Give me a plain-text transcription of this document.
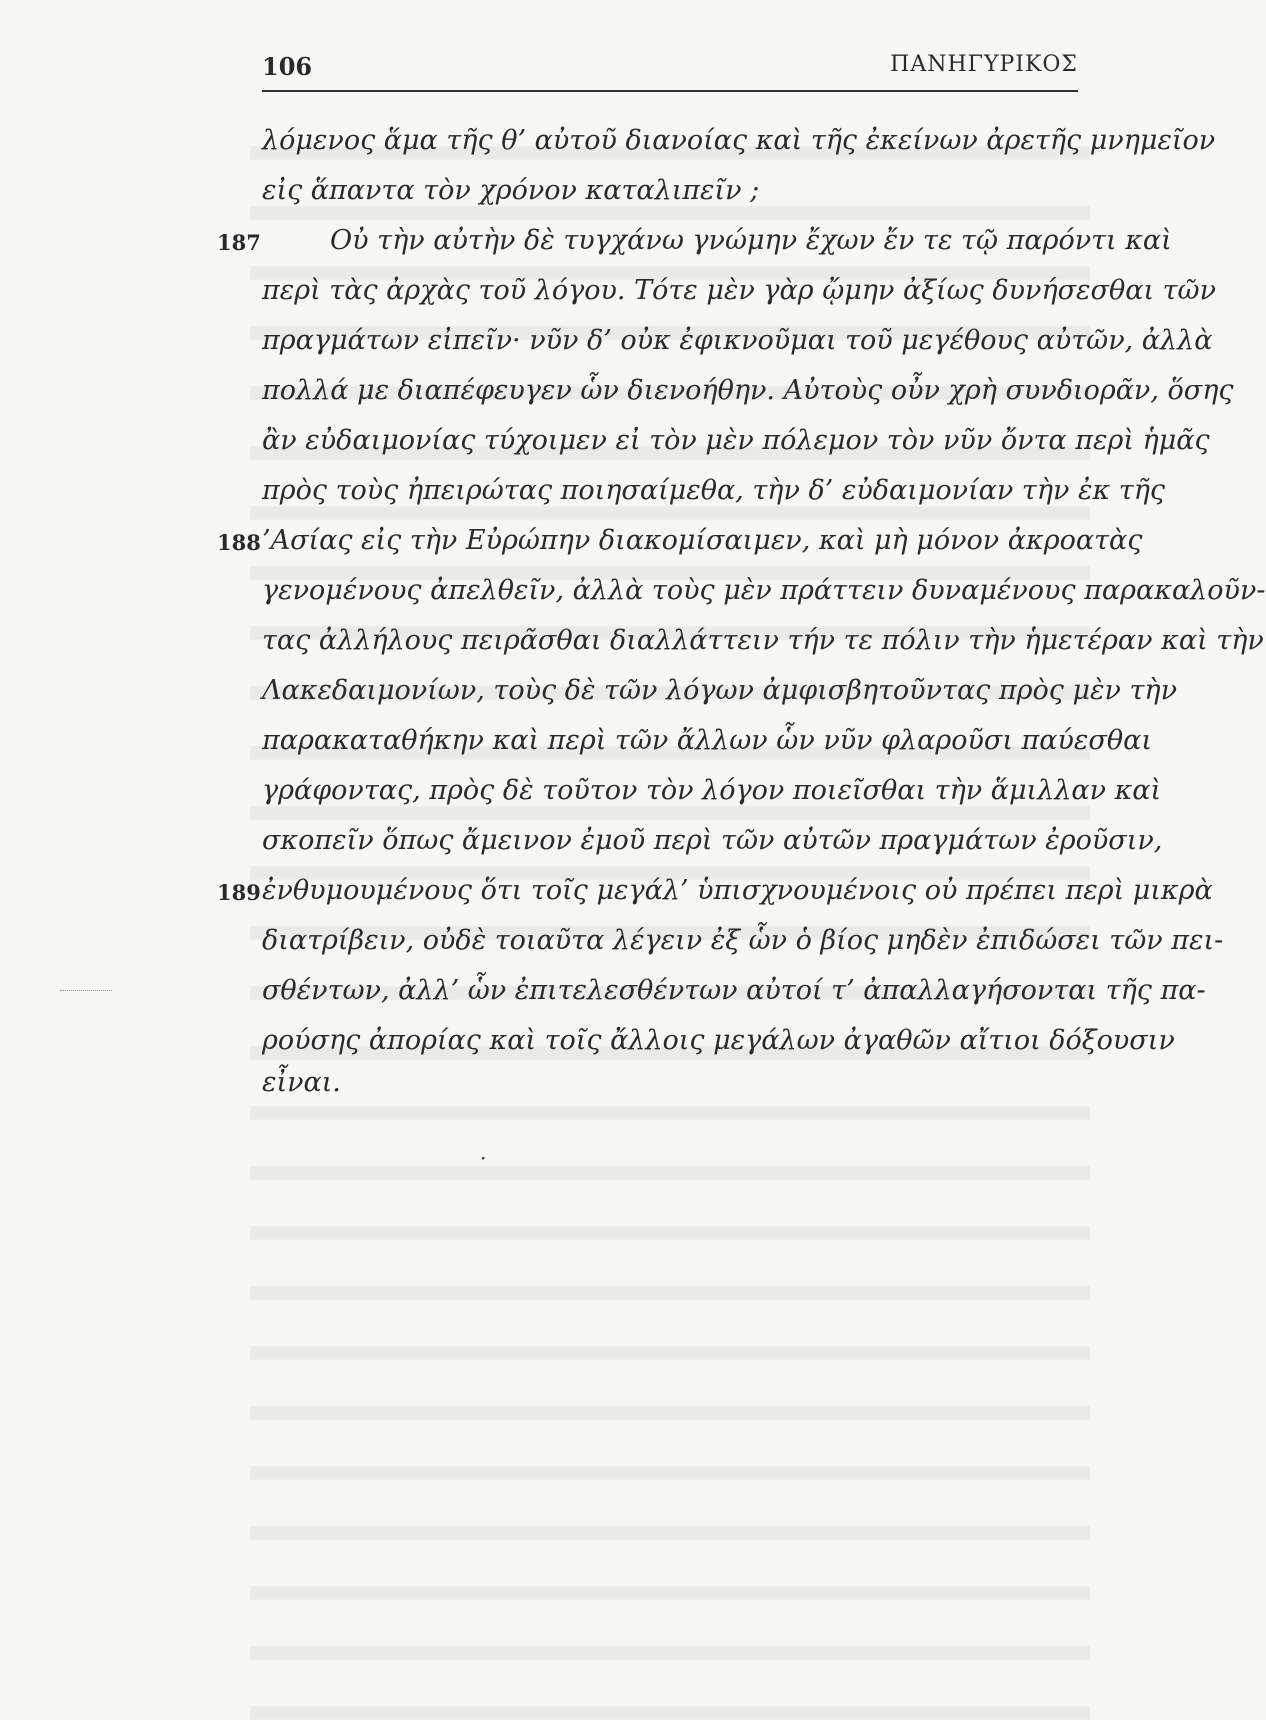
106	ΠΑΝΗΓΥΡΙΚΟΣ
λόμενος ἅμα τῆς θ’ αὐτοῦ διανοίας καὶ τῆς ἐκείνων ἀρετῆς μνημεῖον
εἰς ἅπαντα τὸν χρόνον καταλιπεῖν ;
187	Οὐ τὴν αὐτὴν δὲ τυγχάνω γνώμην ἔχων ἔν τε τῷ παρόντι καὶ
περὶ τὰς ἀρχὰς τοῦ λόγου. Τότε μὲν γὰρ ᾤμην ἀξίως δυνήσεσθαι τῶν
πραγμάτων εἰπεῖν· νῦν δ’ οὐκ ἐφικνοῦμαι τοῦ μεγέθους αὐτῶν, ἀλλὰ
πολλά με διαπέφευγεν ὧν διενοήθην. Αὐτοὺς οὖν χρὴ συνδιορᾶν, ὅσης
ἂν εὐδαιμονίας τύχοιμεν εἰ τὸν μὲν πόλεμον τὸν νῦν ὄντα περὶ ἡμᾶς
πρὸς τοὺς ἠπειρώτας ποιησαίμεθα, τὴν δ’ εὐδαιμονίαν τὴν ἐκ τῆς
188 ’Ασίας εἰς τὴν Εὐρώπην διακομίσαιμεν, καὶ μὴ μόνον ἀκροατὰς
γενομένους ἀπελθεῖν, ἀλλὰ τοὺς μὲν πράττειν δυναμένους παρακαλοῦν-
τας ἀλλήλους πειρᾶσθαι διαλλάττειν τήν τε πόλιν τὴν ἡμετέραν καὶ τὴν
Λακεδαιμονίων, τοὺς δὲ τῶν λόγων ἀμφισβητοῦντας πρὸς μὲν τὴν
παρακαταθήκην καὶ περὶ τῶν ἄλλων ὧν νῦν φλαροῦσι παύεσθαι
γράφοντας, πρὸς δὲ τοῦτον τὸν λόγον ποιεῖσθαι τὴν ἅμιλλαν καὶ
σκοπεῖν ὅπως ἄμεινον ἐμοῦ περὶ τῶν αὐτῶν πραγμάτων ἐροῦσιν,
189 ἐνθυμουμένους ὅτι τοῖς μεγάλ’ ὑπισχνουμένοις οὐ πρέπει περὶ μικρὰ
διατρίβειν, οὐδὲ τοιαῦτα λέγειν ἐξ ὧν ὁ βίος μηδὲν ἐπιδώσει τῶν πει-
σθέντων, ἀλλ’ ὧν ἐπιτελεσθέντων αὐτοί τ’ ἀπαλλαγήσονται τῆς πα-
ρούσης ἀπορίας καὶ τοῖς ἄλλοις μεγάλων ἀγαθῶν αἴτιοι δόξουσιν
εἶναι.
·
